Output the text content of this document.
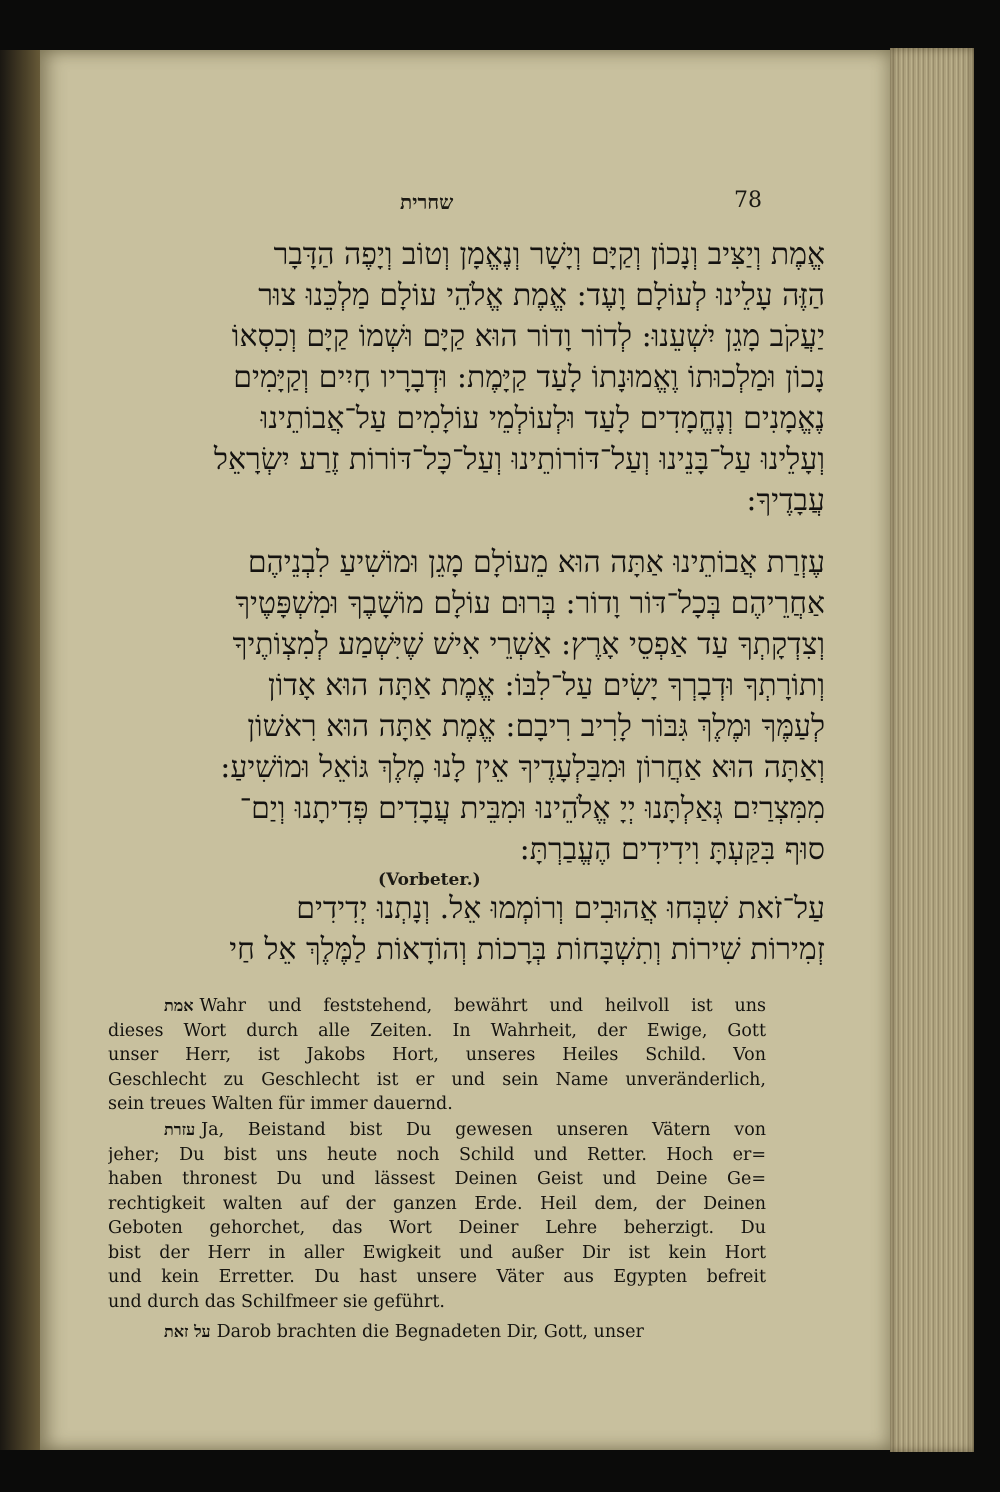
שחרית	78
אֱמֶת וְיַצִּיב וְנָכוֹן וְקַיָּם וְיָשָׁר וְנֶאֱמָן וְטוֹב וְיָפֶה הַדָּבָר
הַזֶּה עָלֵינוּ לְעוֹלָם וָעֶד: אֱמֶת אֱלֹהֵי עוֹלָם מַלְכֵּנוּ צוּר
יַעֲקֹב מָגֵן יִשְׁעֵנוּ: לְדוֹר וָדוֹר הוּא קַיָּם וּשְׁמוֹ קַיָּם וְכִסְאוֹ
נָכוֹן וּמַלְכוּתוֹ וֶאֱמוּנָתוֹ לָעַד קַיָּמֶת: וּדְבָרָיו חָיִים וְקַיָּמִים
נֶאֱמָנִים וְנֶחֱמָדִים לָעַד וּלְעוֹלְמֵי עוֹלָמִים עַל־אֲבוֹתֵינוּ
וְעָלֵינוּ עַל־בָּנֵינוּ וְעַל־דּוֹרוֹתֵינוּ וְעַל־כָּל־דּוֹרוֹת זֶרַע יִשְׂרָאֵל
עֲבָדֶיךָ:
עֶזְרַת אֲבוֹתֵינוּ אַתָּה הוּא מֵעוֹלָם מָגֵן וּמוֹשִׁיעַ לִבְנֵיהֶם
אַחֲרֵיהֶם בְּכָל־דּוֹר וָדוֹר: בְּרוּם עוֹלָם מוֹשָׁבֶךָ וּמִשְׁפָּטֶיךָ
וְצִדְקָתְךָ עַד אַפְסֵי אָרֶץ: אַשְׁרֵי אִישׁ שֶׁיִּשְׁמַע לְמִצְוֹתֶיךָ
וְתוֹרָתְךָ וּדְבָרְךָ יָשִׂים עַל־לִבּוֹ: אֱמֶת אַתָּה הוּא אָדוֹן
לְעַמֶּךָ וּמֶלֶךְ גִּבּוֹר לָרִיב רִיבָם: אֱמֶת אַתָּה הוּא רִאשׁוֹן
וְאַתָּה הוּא אַחֲרוֹן וּמִבַּלְעָדֶיךָ אֵין לָנוּ מֶלֶךְ גּוֹאֵל וּמוֹשִׁיעַ:
מִמִּצְרַיִם גְּאַלְתָּנוּ יְיָ אֱלֹהֵינוּ וּמִבֵּית עֲבָדִים פְּדִיתָנוּ וְיַם־
סוּף בִּקַּעְתָּ וִידִידִים הֶעֱבַרְתָּ:
(Vorbeter.)
עַל־זֹאת שִׁבְּחוּ אֲהוּבִים וְרוֹמְמוּ אֵל. וְנָתְנוּ יְדִידִים
זְמִירוֹת שִׁירוֹת וְתִשְׁבָּחוֹת בְּרָכוֹת וְהוֹדָאוֹת לַמֶּלֶךְ אֵל חַי
אמת Wahr und feststehend, bewährt und heilvoll ist uns
dieses Wort durch alle Zeiten. In Wahrheit, der Ewige, Gott
unser Herr, ist Jakobs Hort, unseres Heiles Schild. Von
Geschlecht zu Geschlecht ist er und sein Name unveränderlich,
sein treues Walten für immer dauernd.
עזרת Ja, Beistand bist Du gewesen unseren Vätern von
jeher; Du bist uns heute noch Schild und Retter. Hoch er=
haben thronest Du und lässest Deinen Geist und Deine Ge=
rechtigkeit walten auf der ganzen Erde. Heil dem, der Deinen
Geboten gehorchet, das Wort Deiner Lehre beherzigt. Du
bist der Herr in aller Ewigkeit und außer Dir ist kein Hort
und kein Erretter. Du hast unsere Väter aus Egypten befreit
und durch das Schilfmeer sie geführt.
על זאת Darob brachten die Begnadeten Dir, Gott, unser
